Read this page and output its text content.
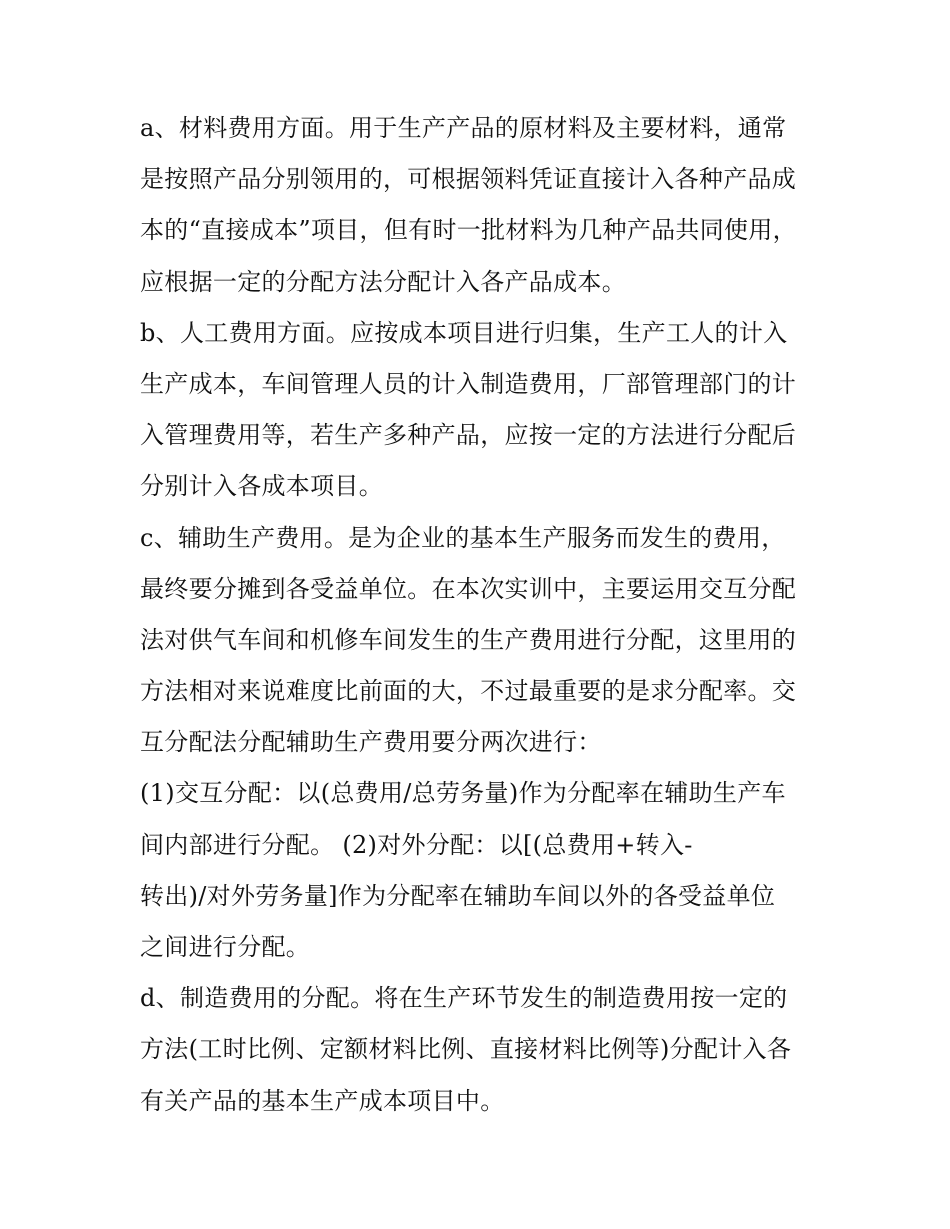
a、材料费用方面。用于生产产品的原材料及主要材料，通常
是按照产品分别领用的，可根据领料凭证直接计入各种产品成
本的“直接成本”项目，但有时一批材料为几种产品共同使用，
应根据一定的分配方法分配计入各产品成本。

b、人工费用方面。应按成本项目进行归集，生产工人的计入
生产成本，车间管理人员的计入制造费用，厂部管理部门的计
入管理费用等，若生产多种产品，应按一定的方法进行分配后
分别计入各成本项目。

c、辅助生产费用。是为企业的基本生产服务而发生的费用，
最终要分摊到各受益单位。在本次实训中，主要运用交互分配
法对供气车间和机修车间发生的生产费用进行分配，这里用的
方法相对来说难度比前面的大，不过最重要的是求分配率。交
互分配法分配辅助生产费用要分两次进行：
(1)交互分配：以(总费用/总劳务量)作为分配率在辅助生产车
间内部进行分配。 (2)对外分配：以[(总费用+转入-
转出)/对外劳务量]作为分配率在辅助车间以外的各受益单位
之间进行分配。

d、制造费用的分配。将在生产环节发生的制造费用按一定的
方法(工时比例、定额材料比例、直接材料比例等)分配计入各
有关产品的基本生产成本项目中。
